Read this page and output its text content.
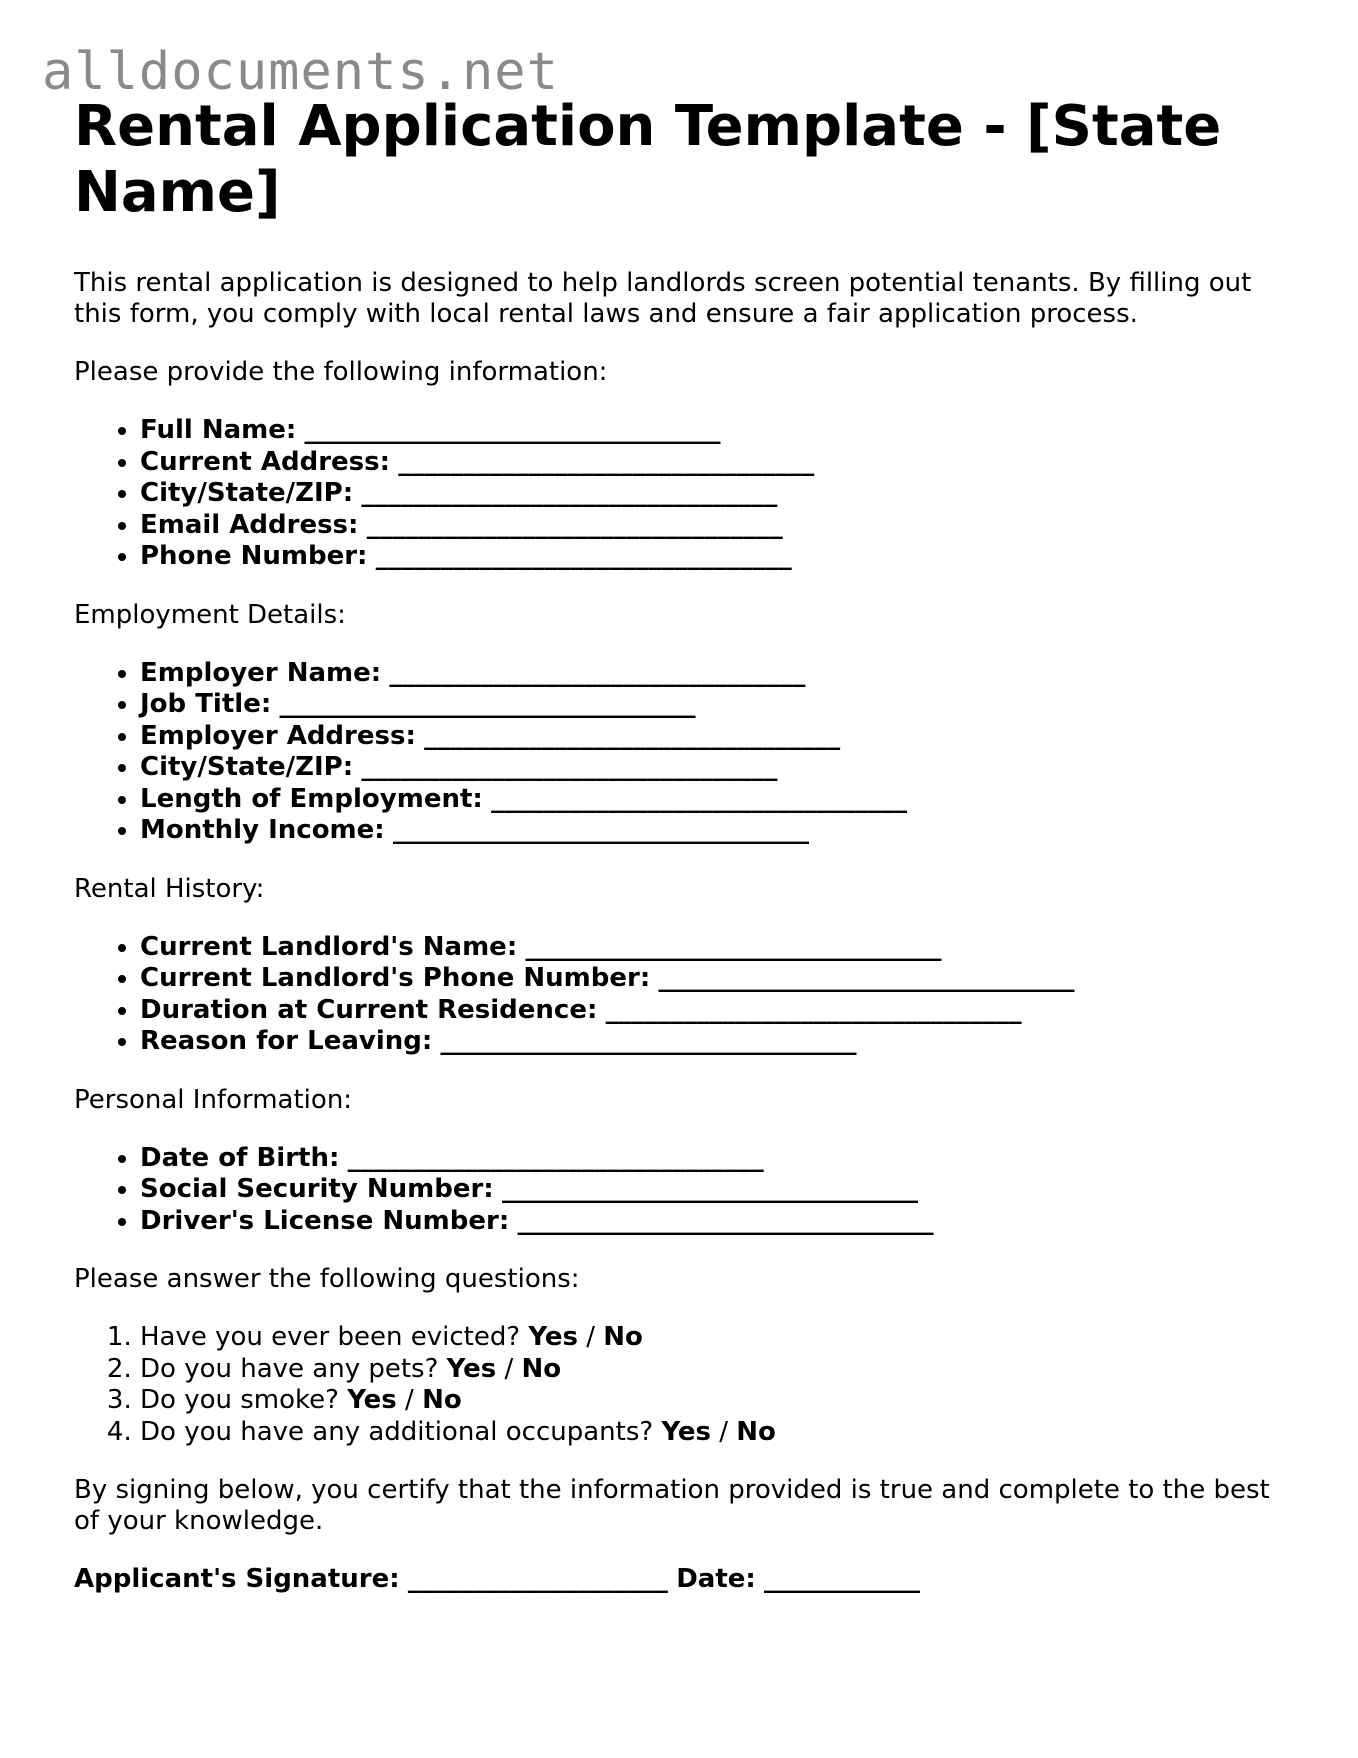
alldocuments.net
Rental Application Template - [State Name]

This rental application is designed to help landlords screen potential tenants. By filling out this form, you comply with local rental laws and ensure a fair application process.

Please provide the following information:

• Full Name: ________________________________
• Current Address: ________________________________
• City/State/ZIP: ________________________________
• Email Address: ________________________________
• Phone Number: ________________________________

Employment Details:

• Employer Name: ________________________________
• Job Title: ________________________________
• Employer Address: ________________________________
• City/State/ZIP: ________________________________
• Length of Employment: ________________________________
• Monthly Income: ________________________________

Rental History:

• Current Landlord's Name: ________________________________
• Current Landlord's Phone Number: ________________________________
• Duration at Current Residence: ________________________________
• Reason for Leaving: ________________________________

Personal Information:

• Date of Birth: ________________________________
• Social Security Number: ________________________________
• Driver's License Number: ________________________________

Please answer the following questions:

1. Have you ever been evicted? Yes / No
2. Do you have any pets? Yes / No
3. Do you smoke? Yes / No
4. Do you have any additional occupants? Yes / No

By signing below, you certify that the information provided is true and complete to the best of your knowledge.

Applicant's Signature: ____________________ Date: ____________
